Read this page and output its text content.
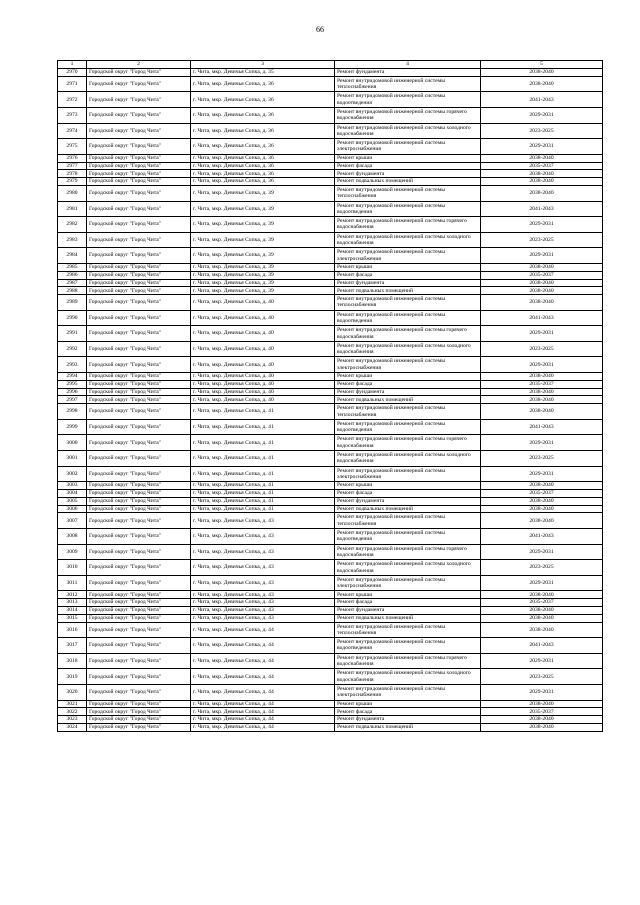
66
1	2	3	4	5
2970	Городской округ "Город Чита"	г. Чита, мкр. Девичья Сопка, д. 35	Ремонт фундамента	2038-2040
2971	Городской округ "Город Чита"	г. Чита, мкр. Девичья Сопка, д. 36	Ремонт внутридомовой инженерной системы теплоснабжения	2038-2040
2972	Городской округ "Город Чита"	г. Чита, мкр. Девичья Сопка, д. 36	Ремонт внутридомовой инженерной системы водоотведения	2041-2043
2973	Городской округ "Город Чита"	г. Чита, мкр. Девичья Сопка, д. 36	Ремонт внутридомовой инженерной системы горячего водоснабжения	2029-2031
2974	Городской округ "Город Чита"	г. Чита, мкр. Девичья Сопка, д. 36	Ремонт внутридомовой инженерной системы холодного водоснабжения	2023-2025
2975	Городской округ "Город Чита"	г. Чита, мкр. Девичья Сопка, д. 36	Ремонт внутридомовой инженерной системы электроснабжения	2029-2031
2976	Городской округ "Город Чита"	г. Чита, мкр. Девичья Сопка, д. 36	Ремонт крыши	2038-2040
2977	Городской округ "Город Чита"	г. Чита, мкр. Девичья Сопка, д. 36	Ремонт фасада	2035-2037
2978	Городской округ "Город Чита"	г. Чита, мкр. Девичья Сопка, д. 36	Ремонт фундамента	2038-2040
2979	Городской округ "Город Чита"	г. Чита, мкр. Девичья Сопка, д. 36	Ремонт подвальных помещений	2038-2040
2980	Городской округ "Город Чита"	г. Чита, мкр. Девичья Сопка, д. 39	Ремонт внутридомовой инженерной системы теплоснабжения	2038-2040
2981	Городской округ "Город Чита"	г. Чита, мкр. Девичья Сопка, д. 39	Ремонт внутридомовой инженерной системы водоотведения	2041-2043
2982	Городской округ "Город Чита"	г. Чита, мкр. Девичья Сопка, д. 39	Ремонт внутридомовой инженерной системы горячего водоснабжения	2029-2031
2983	Городской округ "Город Чита"	г. Чита, мкр. Девичья Сопка, д. 39	Ремонт внутридомовой инженерной системы холодного водоснабжения	2023-2025
2984	Городской округ "Город Чита"	г. Чита, мкр. Девичья Сопка, д. 39	Ремонт внутридомовой инженерной системы электроснабжения	2029-2031
2985	Городской округ "Город Чита"	г. Чита, мкр. Девичья Сопка, д. 39	Ремонт крыши	2038-2040
2986	Городской округ "Город Чита"	г. Чита, мкр. Девичья Сопка, д. 39	Ремонт фасада	2035-2037
2987	Городской округ "Город Чита"	г. Чита, мкр. Девичья Сопка, д. 39	Ремонт фундамента	2038-2040
2988	Городской округ "Город Чита"	г. Чита, мкр. Девичья Сопка, д. 39	Ремонт подвальных помещений	2038-2040
2989	Городской округ "Город Чита"	г. Чита, мкр. Девичья Сопка, д. 40	Ремонт внутридомовой инженерной системы теплоснабжения	2038-2040
2990	Городской округ "Город Чита"	г. Чита, мкр. Девичья Сопка, д. 40	Ремонт внутридомовой инженерной системы водоотведения	2041-2043
2991	Городской округ "Город Чита"	г. Чита, мкр. Девичья Сопка, д. 40	Ремонт внутридомовой инженерной системы горячего водоснабжения	2029-2031
2992	Городской округ "Город Чита"	г. Чита, мкр. Девичья Сопка, д. 40	Ремонт внутридомовой инженерной системы холодного водоснабжения	2023-2025
2993	Городской округ "Город Чита"	г. Чита, мкр. Девичья Сопка, д. 40	Ремонт внутридомовой инженерной системы электроснабжения	2029-2031
2994	Городской округ "Город Чита"	г. Чита, мкр. Девичья Сопка, д. 40	Ремонт крыши	2038-2040
2995	Городской округ "Город Чита"	г. Чита, мкр. Девичья Сопка, д. 40	Ремонт фасада	2035-2037
2996	Городской округ "Город Чита"	г. Чита, мкр. Девичья Сопка, д. 40	Ремонт фундамента	2038-2040
2997	Городской округ "Город Чита"	г. Чита, мкр. Девичья Сопка, д. 40	Ремонт подвальных помещений	2038-2040
2998	Городской округ "Город Чита"	г. Чита, мкр. Девичья Сопка, д. 41	Ремонт внутридомовой инженерной системы теплоснабжения	2038-2040
2999	Городской округ "Город Чита"	г. Чита, мкр. Девичья Сопка, д. 41	Ремонт внутридомовой инженерной системы водоотведения	2041-2043
3000	Городской округ "Город Чита"	г. Чита, мкр. Девичья Сопка, д. 41	Ремонт внутридомовой инженерной системы горячего водоснабжения	2029-2031
3001	Городской округ "Город Чита"	г. Чита, мкр. Девичья Сопка, д. 41	Ремонт внутридомовой инженерной системы холодного водоснабжения	2023-2025
3002	Городской округ "Город Чита"	г. Чита, мкр. Девичья Сопка, д. 41	Ремонт внутридомовой инженерной системы электроснабжения	2029-2031
3003	Городской округ "Город Чита"	г. Чита, мкр. Девичья Сопка, д. 41	Ремонт крыши	2038-2040
3004	Городской округ "Город Чита"	г. Чита, мкр. Девичья Сопка, д. 41	Ремонт фасада	2035-2037
3005	Городской округ "Город Чита"	г. Чита, мкр. Девичья Сопка, д. 41	Ремонт фундамента	2038-2040
3006	Городской округ "Город Чита"	г. Чита, мкр. Девичья Сопка, д. 41	Ремонт подвальных помещений	2038-2040
3007	Городской округ "Город Чита"	г. Чита, мкр. Девичья Сопка, д. 43	Ремонт внутридомовой инженерной системы теплоснабжения	2038-2040
3008	Городской округ "Город Чита"	г. Чита, мкр. Девичья Сопка, д. 43	Ремонт внутридомовой инженерной системы водоотведения	2041-2043
3009	Городской округ "Город Чита"	г. Чита, мкр. Девичья Сопка, д. 43	Ремонт внутридомовой инженерной системы горячего водоснабжения	2029-2031
3010	Городской округ "Город Чита"	г. Чита, мкр. Девичья Сопка, д. 43	Ремонт внутридомовой инженерной системы холодного водоснабжения	2023-2025
3011	Городской округ "Город Чита"	г. Чита, мкр. Девичья Сопка, д. 43	Ремонт внутридомовой инженерной системы электроснабжения	2029-2031
3012	Городской округ "Город Чита"	г. Чита, мкр. Девичья Сопка, д. 43	Ремонт крыши	2038-2040
3013	Городской округ "Город Чита"	г. Чита, мкр. Девичья Сопка, д. 43	Ремонт фасада	2035-2037
3014	Городской округ "Город Чита"	г. Чита, мкр. Девичья Сопка, д. 43	Ремонт фундамента	2038-2040
3015	Городской округ "Город Чита"	г. Чита, мкр. Девичья Сопка, д. 43	Ремонт подвальных помещений	2038-2040
3016	Городской округ "Город Чита"	г. Чита, мкр. Девичья Сопка, д. 44	Ремонт внутридомовой инженерной системы теплоснабжения	2038-2040
3017	Городской округ "Город Чита"	г. Чита, мкр. Девичья Сопка, д. 44	Ремонт внутридомовой инженерной системы водоотведения	2041-2043
3018	Городской округ "Город Чита"	г. Чита, мкр. Девичья Сопка, д. 44	Ремонт внутридомовой инженерной системы горячего водоснабжения	2029-2031
3019	Городской округ "Город Чита"	г. Чита, мкр. Девичья Сопка, д. 44	Ремонт внутридомовой инженерной системы холодного водоснабжения	2023-2025
3020	Городской округ "Город Чита"	г. Чита, мкр. Девичья Сопка, д. 44	Ремонт внутридомовой инженерной системы электроснабжения	2029-2031
3021	Городской округ "Город Чита"	г. Чита, мкр. Девичья Сопка, д. 44	Ремонт крыши	2038-2040
3022	Городской округ "Город Чита"	г. Чита, мкр. Девичья Сопка, д. 44	Ремонт фасада	2035-2037
3023	Городской округ "Город Чита"	г. Чита, мкр. Девичья Сопка, д. 44	Ремонт фундамента	2038-2040
3024	Городской округ "Город Чита"	г. Чита, мкр. Девичья Сопка, д. 44	Ремонт подвальных помещений	2038-2040
